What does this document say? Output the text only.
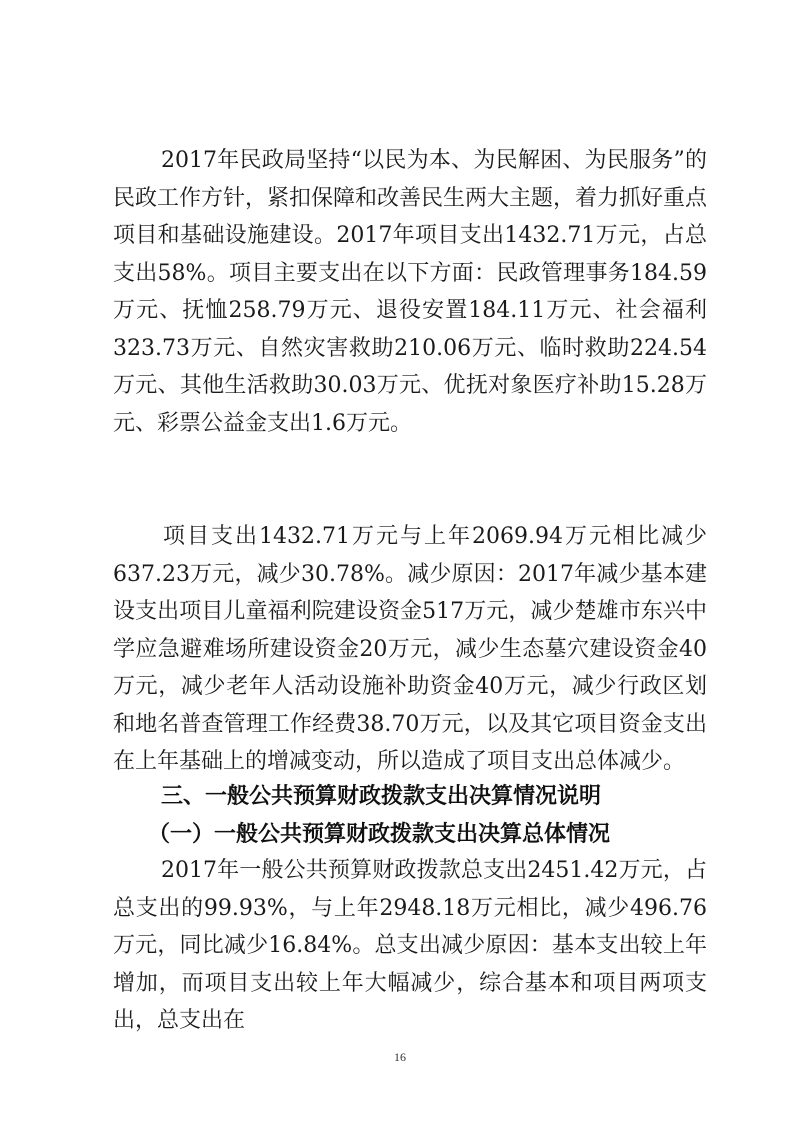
2017年民政局坚持“以民为本、为民解困、为民服务”的民政工作方针，紧扣保障和改善民生两大主题，着力抓好重点项目和基础设施建设。2017年项目支出1432.71万元，占总支出58%。项目主要支出在以下方面：民政管理事务184.59万元、抚恤258.79万元、退役安置184.11万元、社会福利323.73万元、自然灾害救助210.06万元、临时救助224.54万元、其他生活救助30.03万元、优抚对象医疗补助15.28万元、彩票公益金支出1.6万元。

项目支出1432.71万元与上年2069.94万元相比减少637.23万元，减少30.78%。减少原因：2017年减少基本建设支出项目儿童福利院建设资金517万元，减少楚雄市东兴中学应急避难场所建设资金20万元，减少生态墓穴建设资金40万元，减少老年人活动设施补助资金40万元，减少行政区划和地名普查管理工作经费38.70万元，以及其它项目资金支出在上年基础上的增减变动，所以造成了项目支出总体减少。

三、一般公共预算财政拨款支出决算情况说明
（一）一般公共预算财政拨款支出决算总体情况

2017年一般公共预算财政拨款总支出2451.42万元，占总支出的99.93%，与上年2948.18万元相比，减少496.76万元，同比减少16.84%。总支出减少原因：基本支出较上年增加，而项目支出较上年大幅减少，综合基本和项目两项支出，总支出在

16
